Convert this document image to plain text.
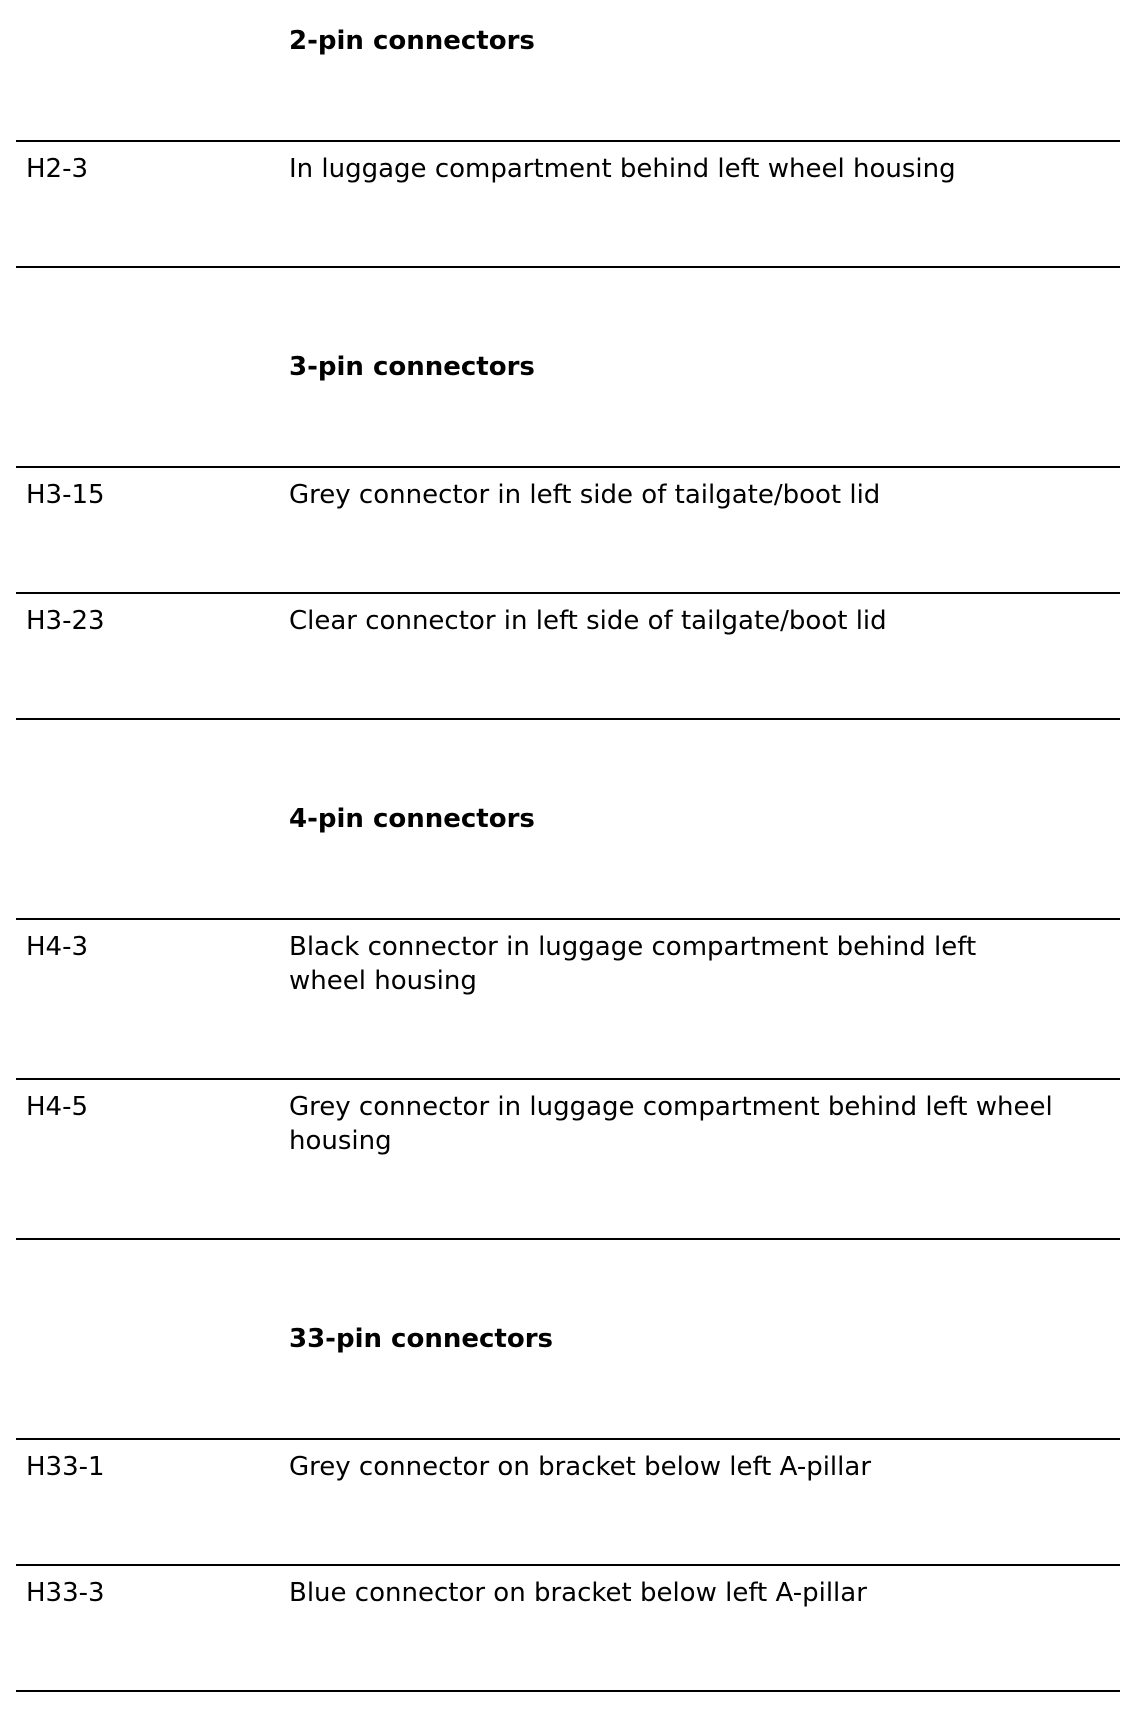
2-pin connectors
H2-3	In luggage compartment behind left wheel housing
3-pin connectors
H3-15	Grey connector in left side of tailgate/boot lid
H3-23	Clear connector in left side of tailgate/boot lid
4-pin connectors
H4-3	Black connector in luggage compartment behind left wheel housing
H4-5	Grey connector in luggage compartment behind left wheel housing
33-pin connectors
H33-1	Grey connector on bracket below left A-pillar
H33-3	Blue connector on bracket below left A-pillar
